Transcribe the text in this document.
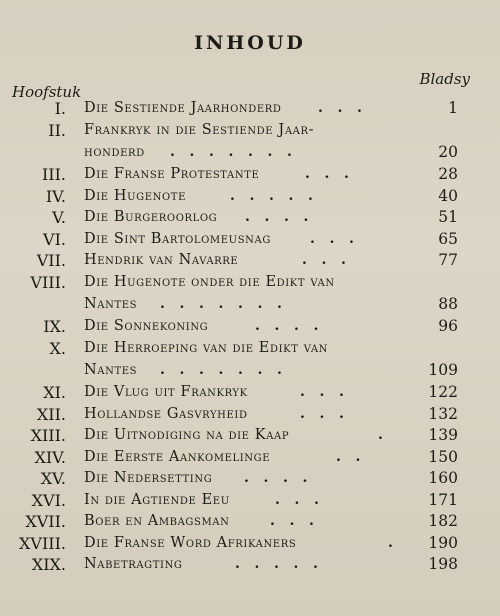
INHOUD
Hoofstuk
Bladsy
I. Die Sestiende Jaarhonderd	.   .   .	1
II. Frankryk in die Sestiende Jaar-
honderd .   .   .   .   .   .   .	20
III. Die Franse Protestante	.   .   .	28
IV. Die Hugenote	.   .   .   .   .	40
V. Die Burgeroorlog .   .   .   .	51
VI. Die Sint Bartolomeusnag	.   .   .	65
VII. Hendrik van Navarre	.   .   .	77
VIII. Die Hugenote onder die Edikt van
Nantes .   .   .   .   .   .   .	88
IX. Die Sonnekoning	.   .   .   .	96
X. Die Herroeping van die Edikt van
Nantes .   .   .   .   .   .   .	109
XI. Die Vlug uit Frankryk	.   .   .	122
XII. Hollandse Gasvryheid	.   .   .	132
XIII. Die Uitnodiging na die Kaap	.	139
XIV. Die Eerste Aankomelinge	.   .	150
XV. Die Nedersetting .   .   .   .	160
XVI. In die Agtiende Eeu	.   .   .	171
XVII. Boer en Ambagsman	.   .   .	182
XVIII. Die Franse Word Afrikaners	.	190
XIX. Nabetragting	.   .   .   .   .	198
